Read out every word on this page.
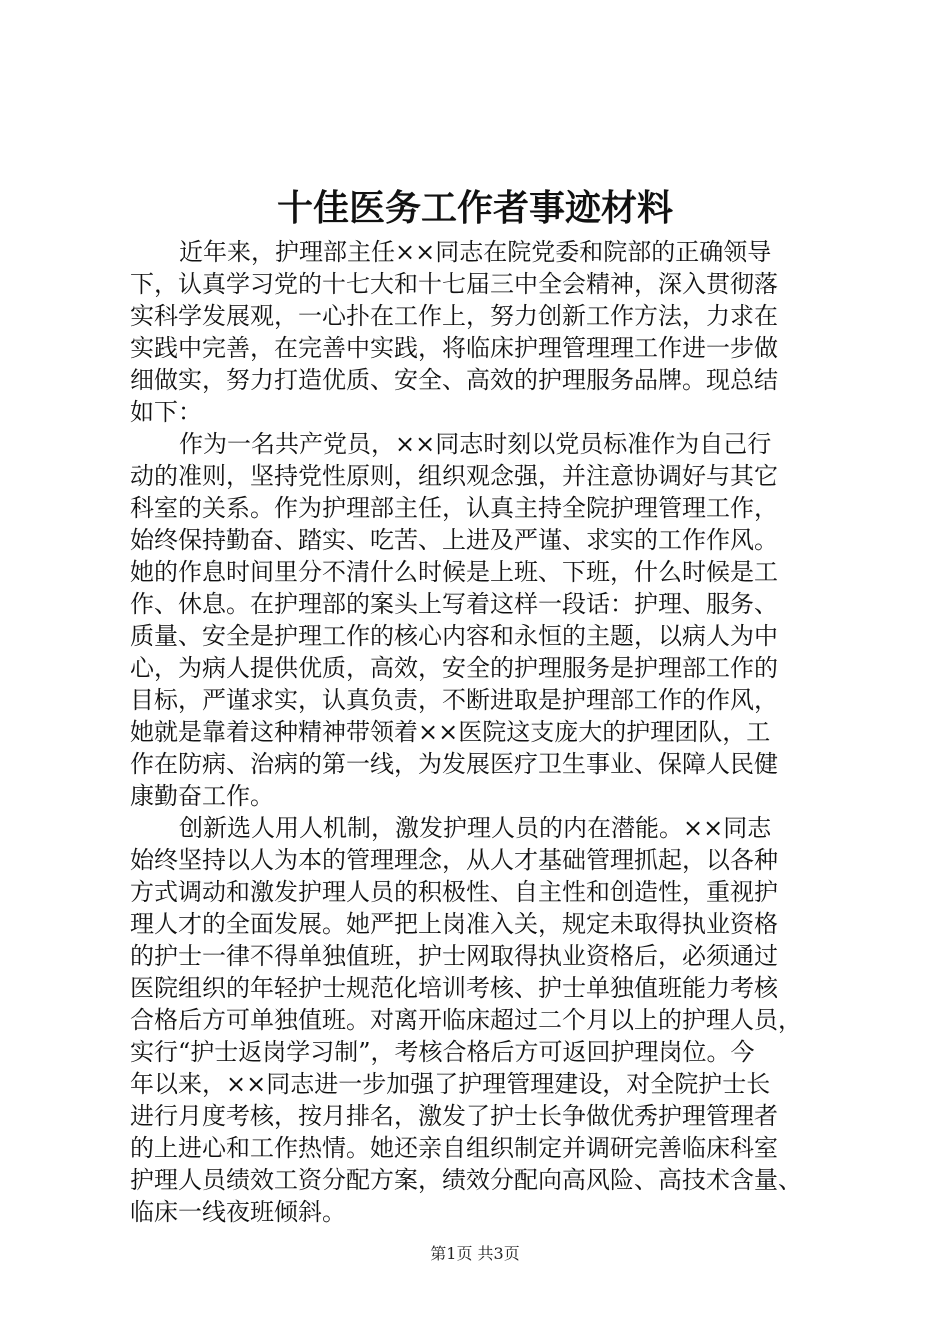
十佳医务工作者事迹材料

近年来，护理部主任××同志在院党委和院部的正确领导
下，认真学习党的十七大和十七届三中全会精神，深入贯彻落
实科学发展观，一心扑在工作上，努力创新工作方法，力求在
实践中完善，在完善中实践，将临床护理管理理工作进一步做
细做实，努力打造优质、安全、高效的护理服务品牌。现总结
如下：

作为一名共产党员，××同志时刻以党员标准作为自己行
动的准则，坚持党性原则，组织观念强，并注意协调好与其它
科室的关系。作为护理部主任，认真主持全院护理管理工作，
始终保持勤奋、踏实、吃苦、上进及严谨、求实的工作作风。
她的作息时间里分不清什么时候是上班、下班，什么时候是工
作、休息。在护理部的案头上写着这样一段话：护理、服务、
质量、安全是护理工作的核心内容和永恒的主题，以病人为中
心，为病人提供优质，高效，安全的护理服务是护理部工作的
目标，严谨求实，认真负责，不断进取是护理部工作的作风，
她就是靠着这种精神带领着××医院这支庞大的护理团队，工
作在防病、治病的第一线，为发展医疗卫生事业、保障人民健
康勤奋工作。

创新选人用人机制，激发护理人员的内在潜能。××同志
始终坚持以人为本的管理理念，从人才基础管理抓起，以各种
方式调动和激发护理人员的积极性、自主性和创造性，重视护
理人才的全面发展。她严把上岗准入关，规定未取得执业资格
的护士一律不得单独值班，护士网取得执业资格后，必须通过
医院组织的年轻护士规范化培训考核、护士单独值班能力考核
合格后方可单独值班。对离开临床超过二个月以上的护理人员，
实行“护士返岗学习制”，考核合格后方可返回护理岗位。今
年以来，××同志进一步加强了护理管理建设，对全院护士长
进行月度考核，按月排名，激发了护士长争做优秀护理管理者
的上进心和工作热情。她还亲自组织制定并调研完善临床科室
护理人员绩效工资分配方案，绩效分配向高风险、高技术含量、
临床一线夜班倾斜。

第1页 共3页
